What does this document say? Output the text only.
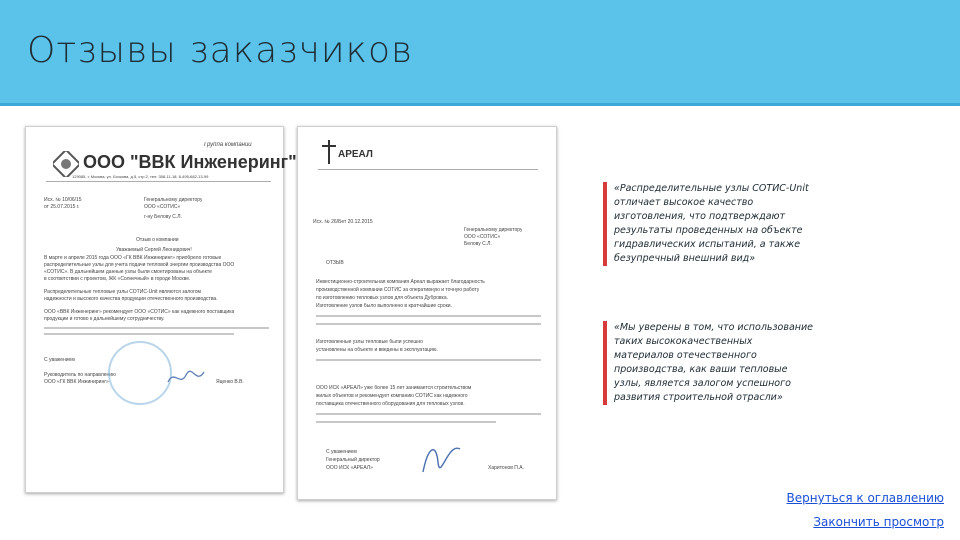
Отзывы заказчиков
Группа компаний
ООО "ВВК Инженеринг"
129085, г. Москва, ул. Бочкова, д.5, стр.2, тел: 358-11-18; 8-495-682-13-99
Исх. № 10/06/15
от 25.07.2015 г.
Генеральному директору
ООО «СОТИС»
г-ну Белову С.Л.
Отзыв о компании
Уважаемый Сергей Леонидович!
В марте и апреле 2015 года ООО «ГК ВВК Инжиниринг» приобрело готовые
распределительные узлы для учета подачи тепловой энергии производства ООО
«СОТИС». В дальнейшем данные узлы были смонтированы на объекте
в соответствии с проектом, ЖК «Солнечный» в городе Москве.
Распределительные тепловые узлы СОТИС-Unit являются залогом
надежности и высокого качества продукции отечественного производства.
ООО «ВВК Инженеринг» рекомендует ООО «СОТИС» как надежного поставщика
продукции и готово к дальнейшему сотрудничеству.
С уважением
Руководитель по направлению
ООО «ГК ВВК Инжиниринг»	Яценко В.В.
АРЕАЛ
Исх. № 26/Бет 20.12.2015
Генеральному директору
ООО «СОТИС»
Белову С.Л.
ОТЗЫВ
Инвестиционно-строительная компания Ареал выражает благодарность
производственной компании СОТИС за оперативную и точную работу
по изготовлению тепловых узлов для объекта Дубровка.
Изготовление узлов было выполнено в кратчайшие сроки.
Изготовленные узлы тепловые были успешно
установлены на объекте и введены в эксплуатацию.
ООО ИСК «АРЕАЛ» уже более 15 лет занимается строительством
жилых объектов и рекомендует компанию СОТИС как надежного
поставщика отечественного оборудования для тепловых узлов.
С уважением
Генеральный директор
ООО ИСК «АРЕАЛ»	Харитонов П.А.
«Распределительные узлы СОТИС-Unit отличает высокое качество изготовления, что подтверждают результаты проведенных на объекте гидравлических испытаний, а также безупречный внешний вид»
«Мы уверены в том, что использование таких высококачественных материалов отечественного производства, как ваши тепловые узлы, является залогом успешного развития строительной отрасли»
Вернуться к оглавлению
Закончить просмотр
